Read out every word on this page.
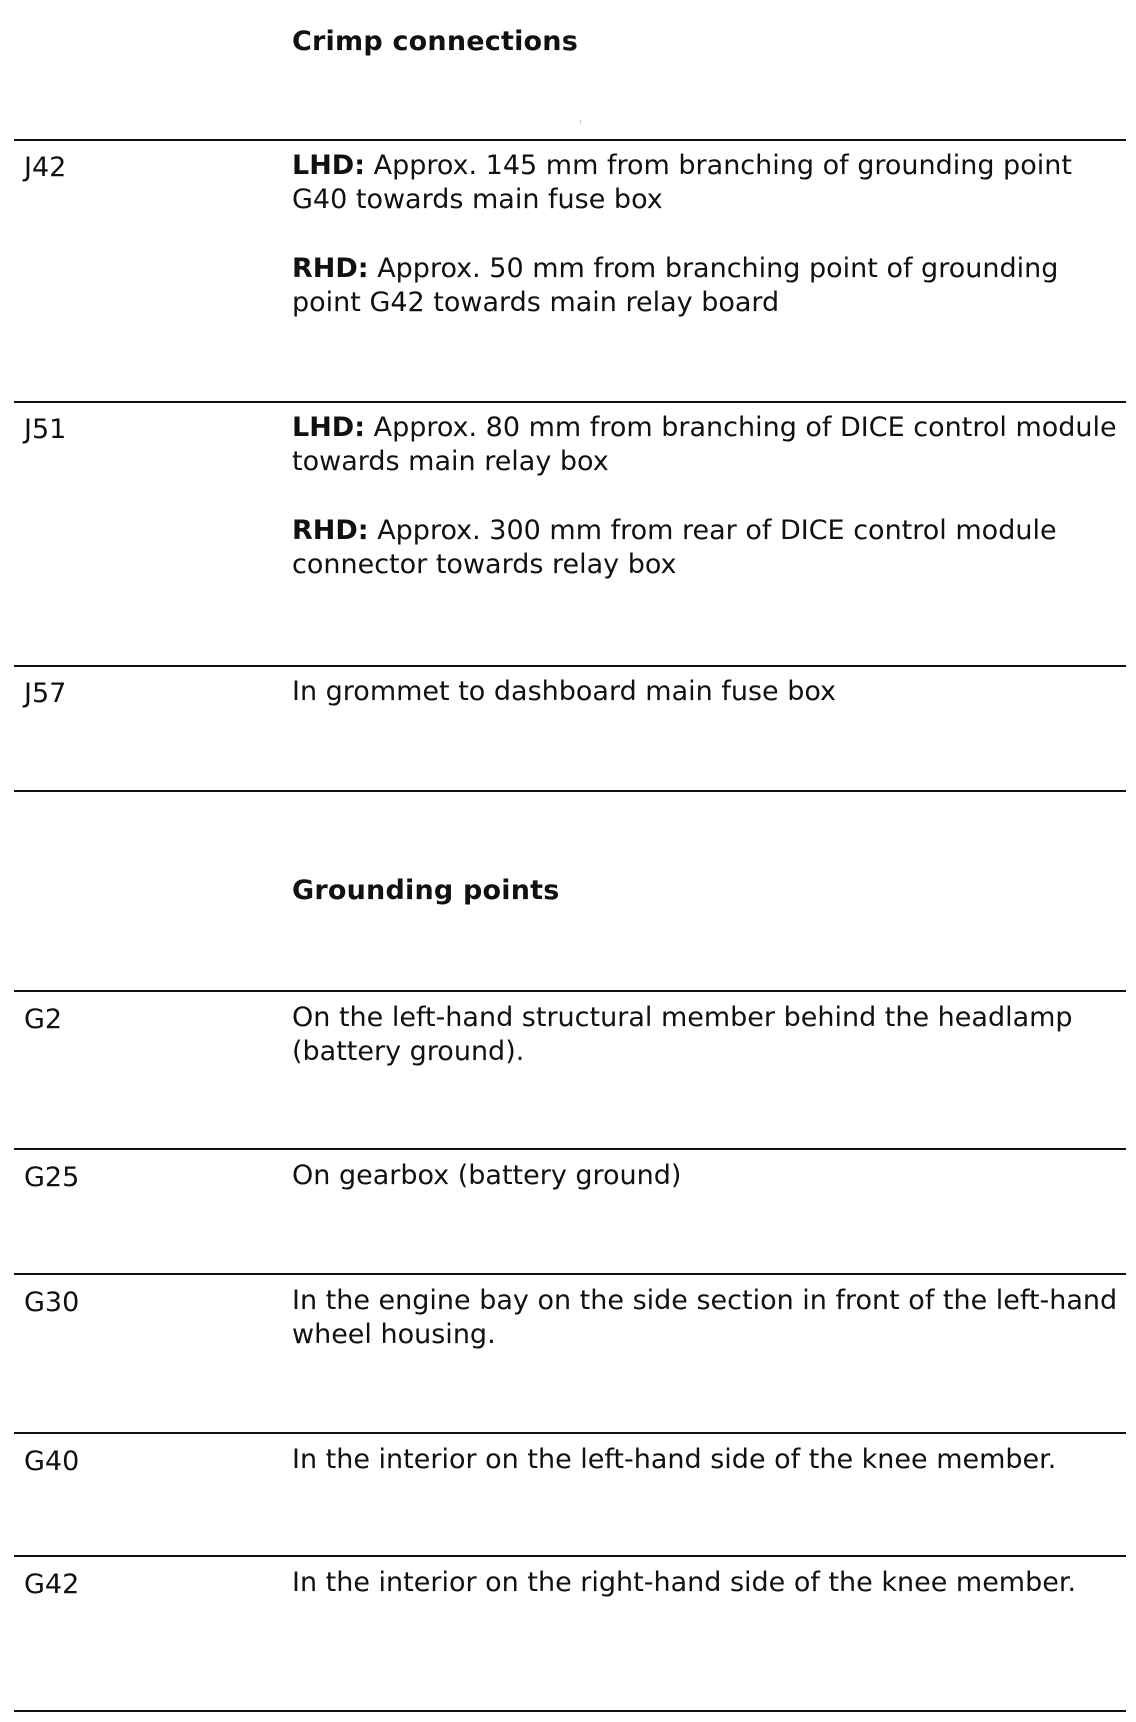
Crimp connections
J42	LHD: Approx. 145 mm from branching of grounding point G40 towards main fuse box

RHD: Approx. 50 mm from branching point of grounding point G42 towards main relay board

J51	LHD: Approx. 80 mm from branching of DICE control module towards main relay box

RHD: Approx. 300 mm from rear of DICE control module connector towards relay box

J57	In grommet to dashboard main fuse box

Grounding points
G2	On the left-hand structural member behind the headlamp (battery ground).

G25	On gearbox (battery ground)

G30	In the engine bay on the side section in front of the left-hand wheel housing.

G40	In the interior on the left-hand side of the knee member.

G42	In the interior on the right-hand side of the knee member.
